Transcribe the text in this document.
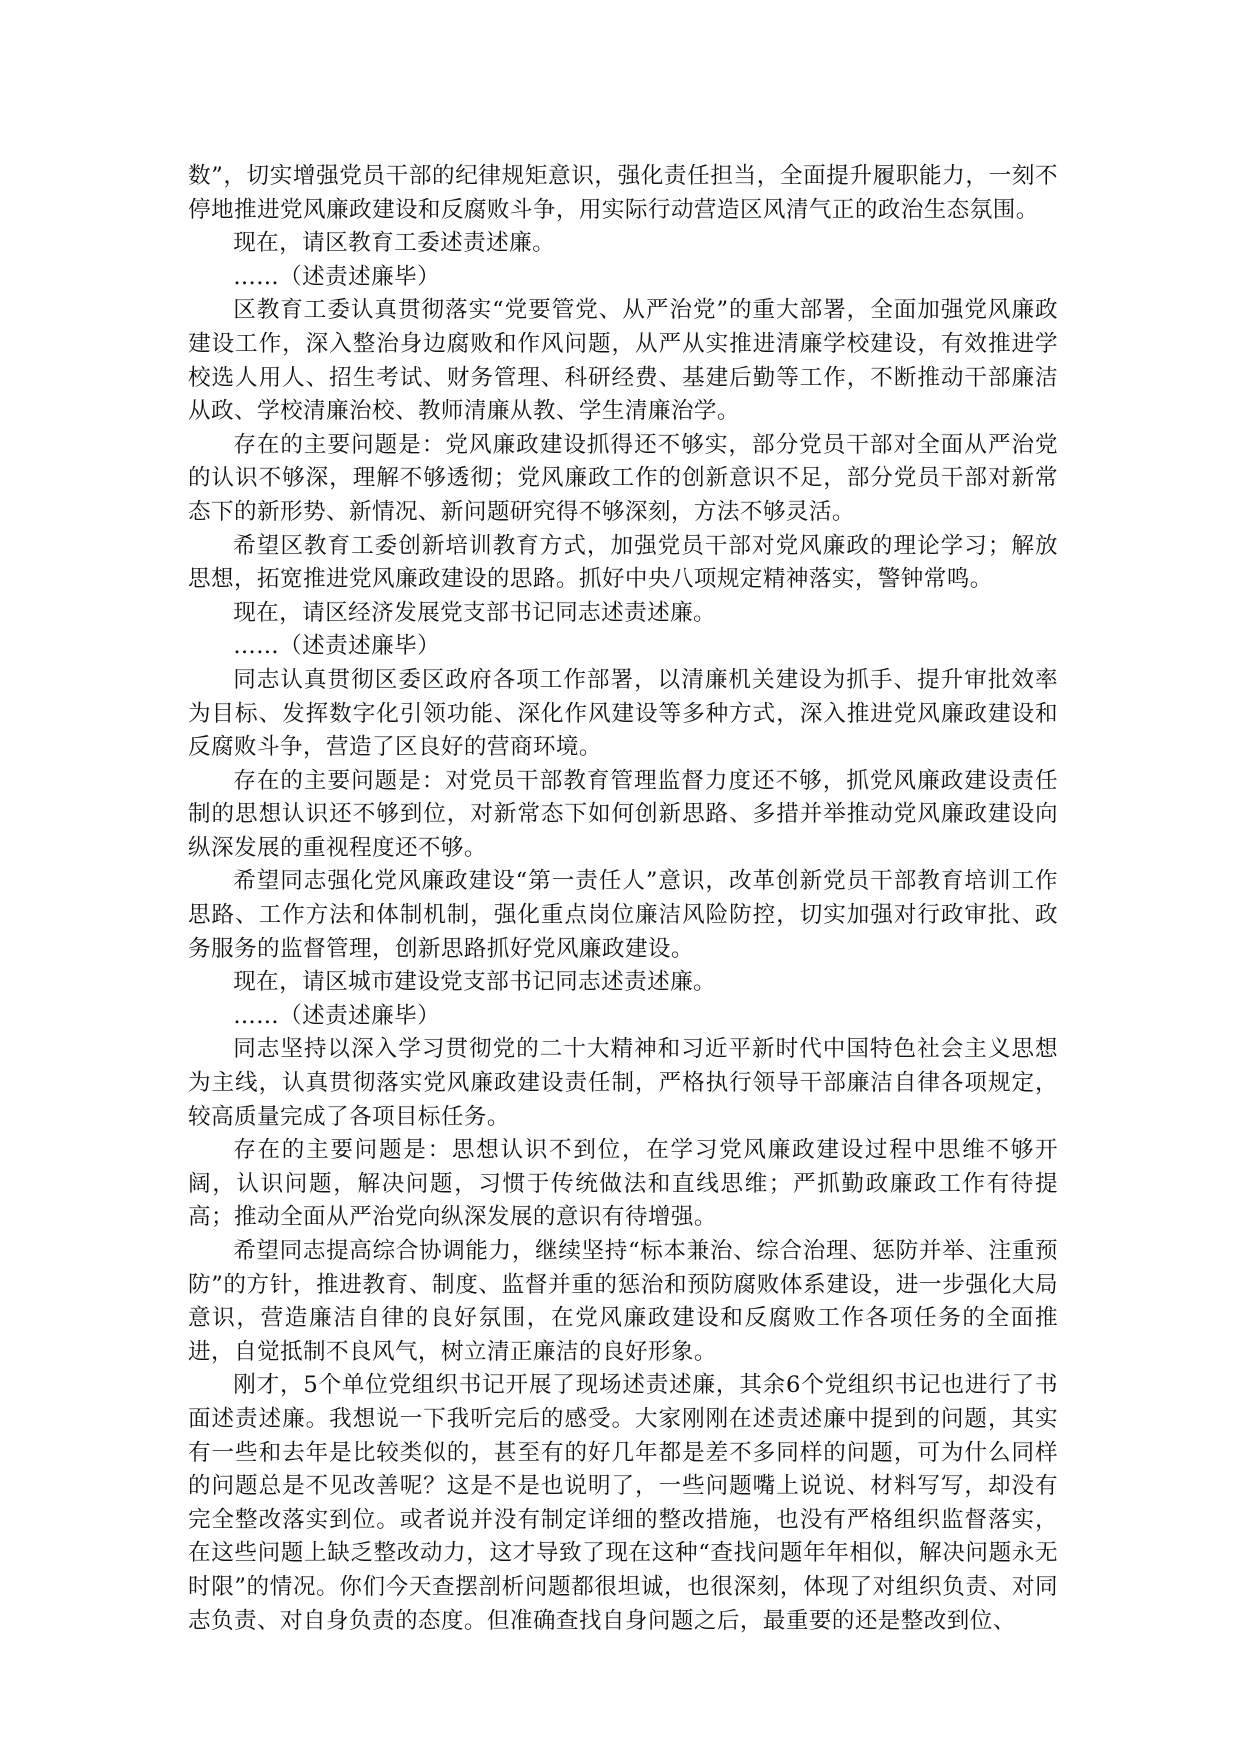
数”，切实增强党员干部的纪律规矩意识，强化责任担当，全面提升履职能力，一刻不停地推进党风廉政建设和反腐败斗争，用实际行动营造区风清气正的政治生态氛围。

现在，请区教育工委述责述廉。

……（述责述廉毕）

区教育工委认真贯彻落实“党要管党、从严治党”的重大部署，全面加强党风廉政建设工作，深入整治身边腐败和作风问题，从严从实推进清廉学校建设，有效推进学校选人用人、招生考试、财务管理、科研经费、基建后勤等工作，不断推动干部廉洁从政、学校清廉治校、教师清廉从教、学生清廉治学。

存在的主要问题是：党风廉政建设抓得还不够实，部分党员干部对全面从严治党的认识不够深，理解不够透彻；党风廉政工作的创新意识不足，部分党员干部对新常态下的新形势、新情况、新问题研究得不够深刻，方法不够灵活。

希望区教育工委创新培训教育方式，加强党员干部对党风廉政的理论学习；解放思想，拓宽推进党风廉政建设的思路。抓好中央八项规定精神落实，警钟常鸣。

现在，请区经济发展党支部书记同志述责述廉。

……（述责述廉毕）

同志认真贯彻区委区政府各项工作部署，以清廉机关建设为抓手、提升审批效率为目标、发挥数字化引领功能、深化作风建设等多种方式，深入推进党风廉政建设和反腐败斗争，营造了区良好的营商环境。

存在的主要问题是：对党员干部教育管理监督力度还不够，抓党风廉政建设责任制的思想认识还不够到位，对新常态下如何创新思路、多措并举推动党风廉政建设向纵深发展的重视程度还不够。

希望同志强化党风廉政建设“第一责任人”意识，改革创新党员干部教育培训工作思路、工作方法和体制机制，强化重点岗位廉洁风险防控，切实加强对行政审批、政务服务的监督管理，创新思路抓好党风廉政建设。

现在，请区城市建设党支部书记同志述责述廉。

……（述责述廉毕）

同志坚持以深入学习贯彻党的二十大精神和习近平新时代中国特色社会主义思想为主线，认真贯彻落实党风廉政建设责任制，严格执行领导干部廉洁自律各项规定，较高质量完成了各项目标任务。

存在的主要问题是：思想认识不到位，在学习党风廉政建设过程中思维不够开阔，认识问题，解决问题，习惯于传统做法和直线思维；严抓勤政廉政工作有待提高；推动全面从严治党向纵深发展的意识有待增强。

希望同志提高综合协调能力，继续坚持“标本兼治、综合治理、惩防并举、注重预防”的方针，推进教育、制度、监督并重的惩治和预防腐败体系建设，进一步强化大局意识，营造廉洁自律的良好氛围，在党风廉政建设和反腐败工作各项任务的全面推进，自觉抵制不良风气，树立清正廉洁的良好形象。

刚才，5个单位党组织书记开展了现场述责述廉，其余6个党组织书记也进行了书面述责述廉。我想说一下我听完后的感受。大家刚刚在述责述廉中提到的问题，其实有一些和去年是比较类似的，甚至有的好几年都是差不多同样的问题，可为什么同样的问题总是不见改善呢？这是不是也说明了，一些问题嘴上说说、材料写写，却没有完全整改落实到位。或者说并没有制定详细的整改措施，也没有严格组织监督落实，在这些问题上缺乏整改动力，这才导致了现在这种“查找问题年年相似，解决问题永无时限”的情况。你们今天查摆剖析问题都很坦诚，也很深刻，体现了对组织负责、对同志负责、对自身负责的态度。但准确查找自身问题之后，最重要的还是整改到位、
